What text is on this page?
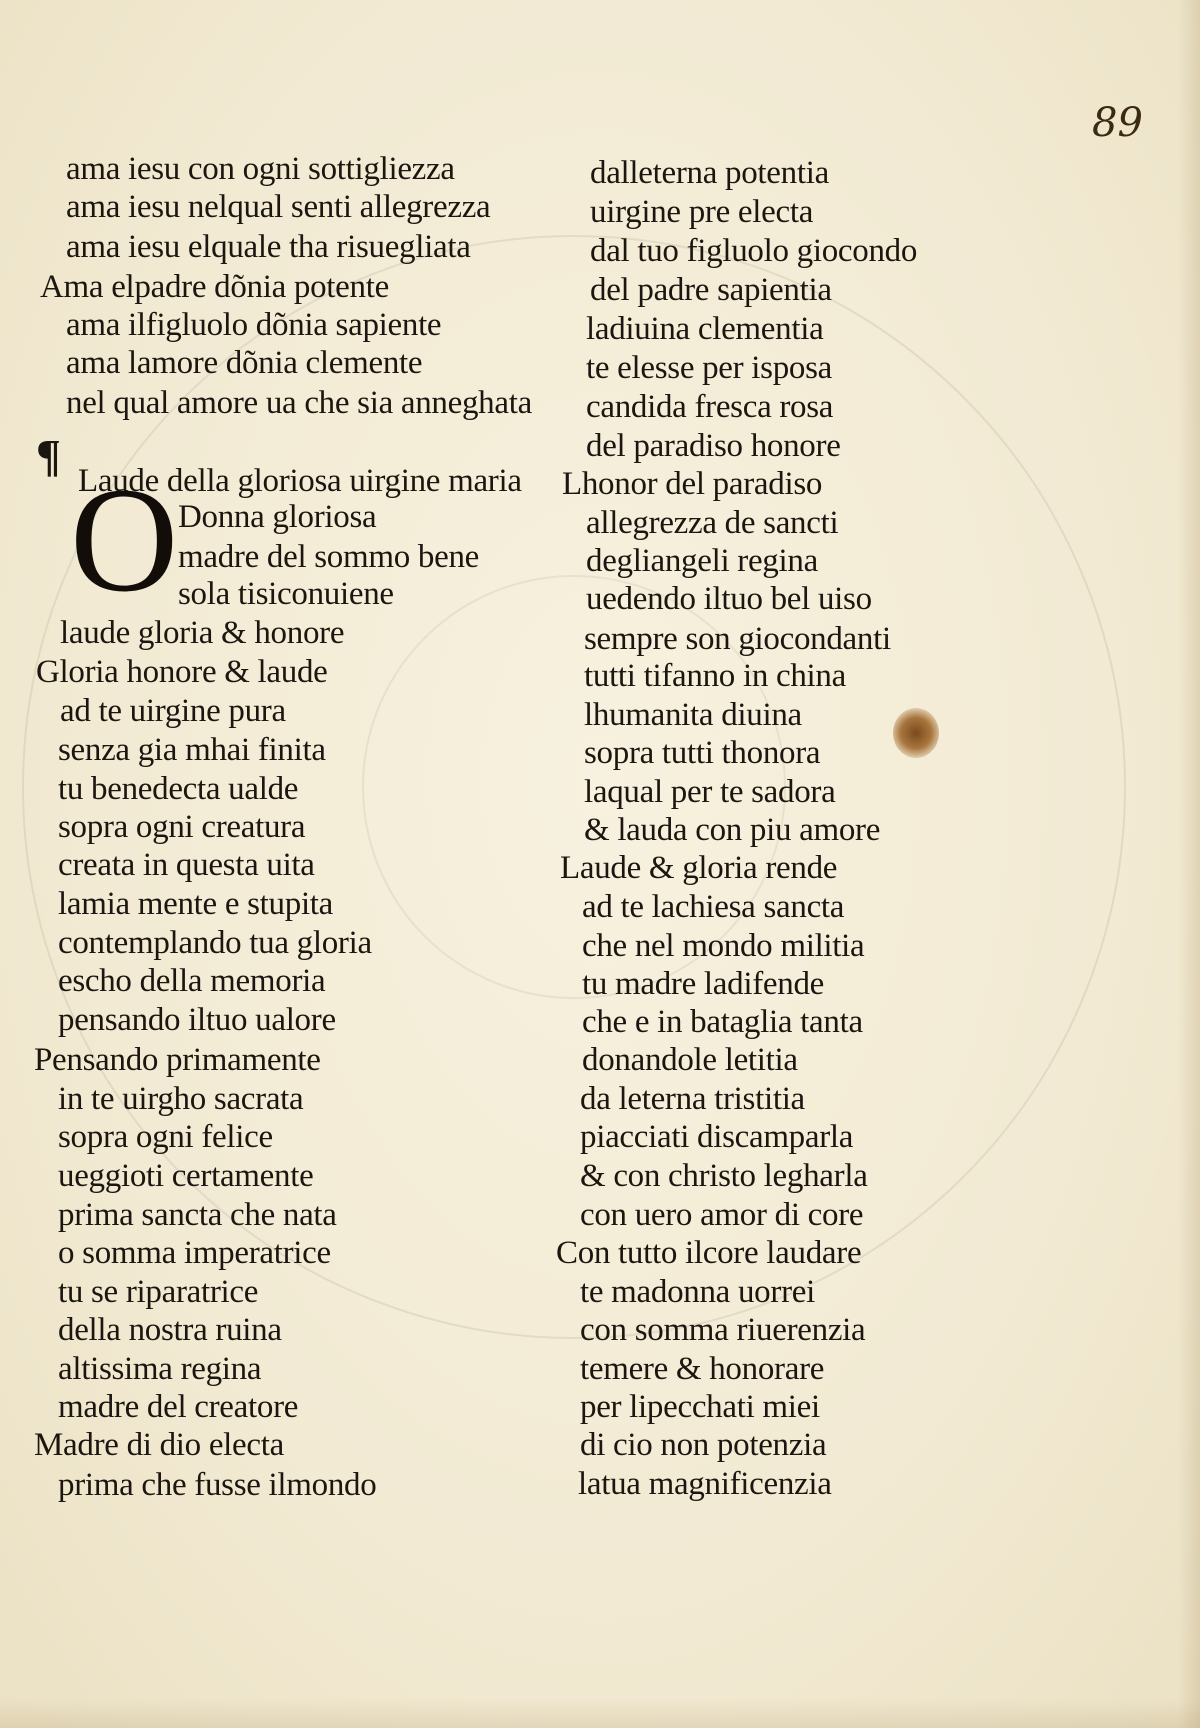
89
¶
O
ama iesu con ogni sottigliezza
ama iesu nelqual senti allegrezza
ama iesu elquale tha risuegliata
Ama elpadre dõnia potente
ama ilfigluolo dõnia sapiente
ama lamore dõnia clemente
nel qual amore ua che sia anneghata
Laude della gloriosa uirgine maria
Donna gloriosa
madre del sommo bene
sola tisiconuiene
laude gloria & honore
Gloria honore & laude
ad te uirgine pura
senza gia mhai finita
tu benedecta ualde
sopra ogni creatura
creata in questa uita
lamia mente e stupita
contemplando tua gloria
escho della memoria
pensando iltuo ualore
Pensando primamente
in te uirgho sacrata
sopra ogni felice
ueggioti certamente
prima sancta che nata
o somma imperatrice
tu se riparatrice
della nostra ruina
altissima regina
madre del creatore
Madre di dio electa
prima che fusse ilmondo
dalleterna potentia
uirgine pre electa
dal tuo figluolo giocondo
del padre sapientia
ladiuina clementia
te elesse per isposa
candida fresca rosa
del paradiso honore
Lhonor del paradiso
allegrezza de sancti
degliangeli regina
uedendo iltuo bel uiso
sempre son giocondanti
tutti tifanno in china
lhumanita diuina
sopra tutti thonora
laqual per te sadora
& lauda con piu amore
Laude & gloria rende
ad te lachiesa sancta
che nel mondo militia
tu madre ladifende
che e in bataglia tanta
donandole letitia
da leterna tristitia
piacciati discamparla
& con christo legharla
con uero amor di core
Con tutto ilcore laudare
te madonna uorrei
con somma riuerenzia
temere & honorare
per lipecchati miei
di cio non potenzia
latua magnificenzia
